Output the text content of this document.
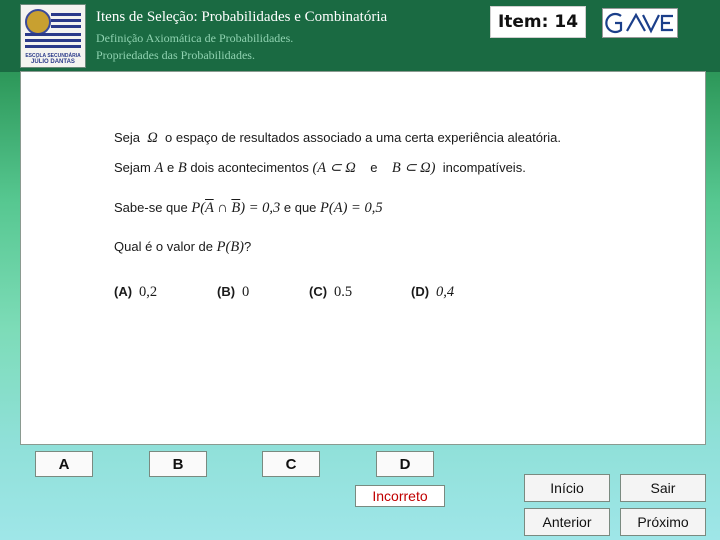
ESCOLA SECUNDÁRIA
JÚLIO DANTAS
Itens de Seleção: Probabilidades e Combinatória
Definição Axiomática de Probabilidades.
Propriedades das Probabilidades.
Item: 14
Seja Ω o espaço de resultados associado a uma certa experiência aleatória.
Sejam A e B dois acontecimentos (A ⊂ Ω e B ⊂ Ω) incompatíveis.
Sabe-se que $P(\overline{A}$ ∩ $\overline{B}) = 0,3$ e que P(A) = 0,5
Qual é o valor de P(B)?
(A) 0,2	(B) 0	(C) 0.5	(D) 0,4
A	B	C	D
Incorreto	Início	Sair
Anterior	Próximo
